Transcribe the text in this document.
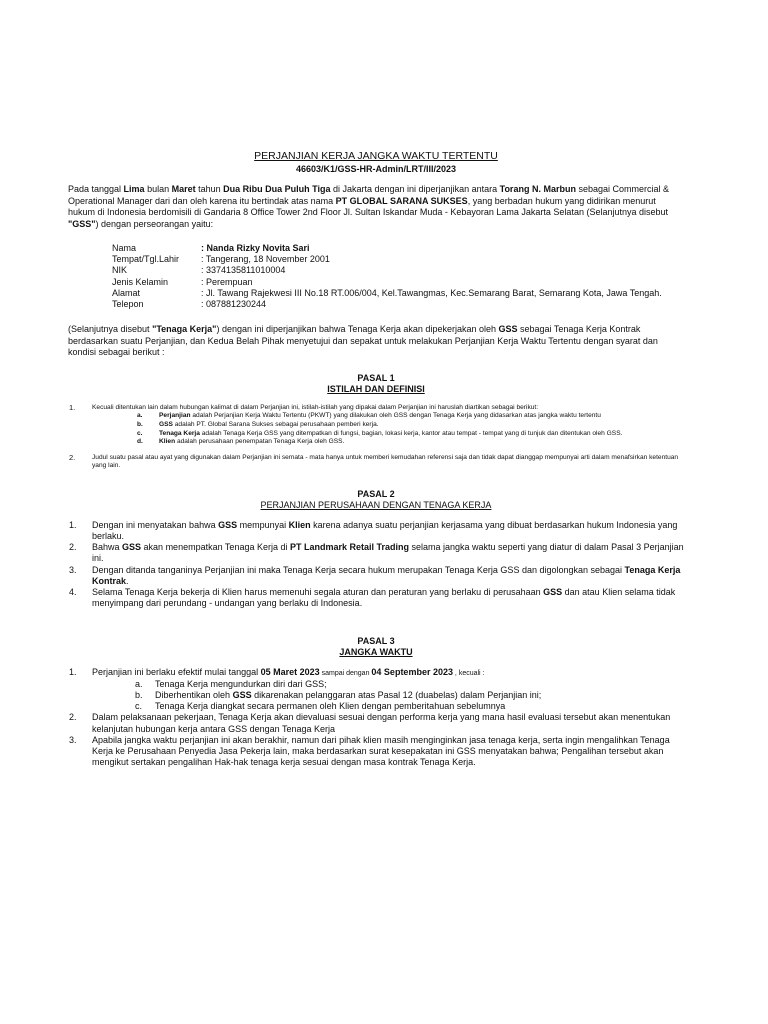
PERJANJIAN KERJA JANGKA WAKTU TERTENTU

46603/K1/GSS-HR-Admin/LRT/III/2023

Pada tanggal Lima bulan Maret tahun Dua Ribu Dua Puluh Tiga di Jakarta dengan ini diperjanjikan antara Torang N. Marbun sebagai Commercial & Operational Manager dari dan oleh karena itu bertindak atas nama PT GLOBAL SARANA SUKSES, yang berbadan hukum yang didirikan menurut hukum di Indonesia berdomisili di Gandaria 8 Office Tower 2nd Floor Jl. Sultan Iskandar Muda - Kebayoran Lama Jakarta Selatan (Selanjutnya disebut "GSS") dengan perseorangan yaitu:

Nama	: Nanda Rizky Novita Sari
Tempat/Tgl.Lahir	: Tangerang, 18 November 2001
NIK	: 3374135811010004
Jenis Kelamin	: Perempuan
Alamat	: Jl. Tawang Rajekwesi III No.18 RT.006/004, Kel.Tawangmas, Kec.Semarang Barat, Semarang Kota, Jawa Tengah.
Telepon	: 087881230244

(Selanjutnya disebut "Tenaga Kerja") dengan ini diperjanjikan bahwa Tenaga Kerja akan dipekerjakan oleh GSS sebagai Tenaga Kerja Kontrak berdasarkan suatu Perjanjian, dan Kedua Belah Pihak menyetujui dan sepakat untuk melakukan Perjanjian Kerja Waktu Tertentu dengan syarat dan kondisi sebagai berikut :

PASAL 1
ISTILAH DAN DEFINISI
1.	Kecuali ditentukan lain dalam hubungan kalimat di dalam Perjanjian ini, istilah-istilah yang dipakai dalam Perjanjian ini haruslah diartikan sebagai berikut:
a.	Perjanjian adalah Perjanjian Kerja Waktu Tertentu (PKWT) yang dilakukan oleh GSS dengan Tenaga Kerja yang didasarkan atas jangka waktu tertentu
b.	GSS adalah PT. Global Sarana Sukses sebagai perusahaan pemberi kerja.
c.	Tenaga Kerja adalah Tenaga Kerja GSS yang ditempatkan di fungsi, bagian, lokasi kerja, kantor atau tempat - tempat yang di tunjuk dan ditentukan oleh GSS.
d.	Klien adalah perusahaan penempatan Tenaga Kerja oleh GSS.
2.	Judul suatu pasal atau ayat yang digunakan dalam Perjanjian ini semata - mata hanya untuk memberi kemudahan referensi saja dan tidak dapat dianggap mempunyai arti dalam menafsirkan ketentuan yang lain.
PASAL 2
PERJANJIAN PERUSAHAAN DENGAN TENAGA KERJA
1.	Dengan ini menyatakan bahwa GSS mempunyai Klien karena adanya suatu perjanjian kerjasama yang dibuat berdasarkan hukum Indonesia yang berlaku.
2.	Bahwa GSS akan menempatkan Tenaga Kerja di PT Landmark Retail Trading selama jangka waktu seperti yang diatur di dalam Pasal 3 Perjanjian ini.
3.	Dengan ditanda tanganinya Perjanjian ini maka Tenaga Kerja secara hukum merupakan Tenaga Kerja GSS dan digolongkan sebagai Tenaga Kerja Kontrak.
4.	Selama Tenaga Kerja bekerja di Klien harus memenuhi segala aturan dan peraturan yang berlaku di perusahaan GSS dan atau Klien selama tidak menyimpang dari perundang - undangan yang berlaku di Indonesia.
PASAL 3
JANGKA WAKTU
1.	Perjanjian ini berlaku efektif mulai tanggal 05 Maret 2023 sampai dengan 04 September 2023 , kecuali :
a.	Tenaga Kerja mengundurkan diri dari GSS;
b.	Diberhentikan oleh GSS dikarenakan pelanggaran atas Pasal 12 (duabelas) dalam Perjanjian ini;
c.	Tenaga Kerja diangkat secara permanen oleh Klien dengan pemberitahuan sebelumnya
2.	Dalam pelaksanaan pekerjaan, Tenaga Kerja akan dievaluasi sesuai dengan performa kerja yang mana hasil evaluasi tersebut akan menentukan kelanjutan hubungan kerja antara GSS dengan Tenaga Kerja
3.	Apabila jangka waktu perjanjian ini akan berakhir, namun dari pihak klien masih menginginkan jasa tenaga kerja, serta ingin mengalihkan Tenaga Kerja ke Perusahaan Penyedia Jasa Pekerja lain, maka berdasarkan surat kesepakatan ini GSS menyatakan bahwa; Pengalihan tersebut akan mengikut sertakan pengalihan Hak-hak tenaga kerja sesuai dengan masa kontrak Tenaga Kerja.
